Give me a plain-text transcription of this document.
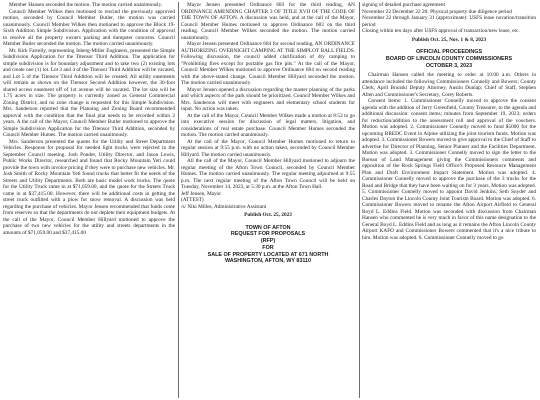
Member Hansen seconded the motion. The motion carried unanimously.

Council Member Wilkes then motioned to rescind the previously approved motion, seconded by Council Member Butler, the motion was carried unanimously. Council Member Wilkes then motioned to approve the Block 19-Sixth Addition Simple Subdivision. Application with the condition of approval to resolve all the property owners parking and dumpster concerns. Council Member Butler seconded the motion. The motion carried unanimously.

Mr. Kirk Farrelly, representing Inberg-Miller Engineers, presented the Simple Subdivision Application for the Titensor Third Addition. The application for simple subdivision is for boundary adjustment and to take two (2) existing lots and create one (1) lot. Lot 3 and 4 of the Titensor Third Addition will be vacated, and Lot 5 of the Titensor Third Addition will be created. All utility easements will remain as shown on the Titensor Second Addition however, the 30-foot shared access easement off of 1st avenue will be vacated. The lot size will be 1.75 acres in size. The property is currently zoned as General Commercial Zoning District, and no zone change is requested for this Simple Subdivision. Mrs. Sanderson reported that the Planning and Zoning Board recommended approval with the condition that the final plat needs to be recorded within 2 years. A the call of the Mayor, Council Member Butler motioned to approve the Simple Subdivision Application for the Titensor Third Addition, seconded by Council Member Humes. The motion carried unanimously.

Mrs. Sanderson presented the quotes for the Utility and Street Department Vehicles. Response for proposal for needed light trucks were rejected in the September Council meeting. Josh Ponder, Utility Director, and Jason Lewis, Public Works Director, researched and found that Rocky Mountain Yeti could provide the town with invoice pricing if they were to purchase new vehicles. Mr. Josh Smith of Rocky Mountain Yeti found trucks that better fit the needs of the Streets and Utility Departments. Both are basic model work trucks. The quote for the Utility Truck came in at $71,059.00, and the quote for the Streets Truck came in at $37,415.00. However, there will be additional costs in getting the street truck outfitted with a plow for snow removal. A discussion was held regarding the purchase of vehicles. Mayor Jensen recommended that funds come from reserves so that the departments do not deplete their equipment budgets. At the call of the Mayor, Council Member Hillyard motioned to approve the purchase of two new vehicles for the utility and streets departments in the amounts of $71,059.00 and $37,415.00

Mayor Jensen presented Ordinance 683 for the third reading, AN ORDINANCE AMENDING CHAPTER 3 OF TITLE XVII OF THE CODE OF THE TOWN OF AFTON. A discussion was held, and at the call of the Mayor, Council Member Humes motioned to approve Ordinance 683 on the third reading. Council Member Wilkes seconded the motion. The motion carried unanimously.

Mayor Jensen presented Ordinance 684 for second reading, AN ORDINANCE AUTHORIZING OVERNIGHT CAMPING AT THE SIMPLOT BALL FIELDS. Following discussion, the council added clarification of dry camping to "Prohibiting fires except for portable gas fire pits." At the call of the Mayor, Council Member Wilkes motioned to approve Ordinance 684 on second reading with the above-stated change. Council Member Hillyard seconded the motion. The motion carried unanimously.

Mayor Jensen opened a discussion regarding the master planning of the parks and which aspects of the park should be prioritized. Council Member Wilkes and Mrs. Sanderson will meet with engineers and elementary school students for input. No action was taken.

At the call of the Mayor, Council Member Wilkes made a motion at 8:53 to go into executive session for discussion of legal matters, litigation, and considerations of real estate purchase. Council Member Humes seconded the motion. The motion carried unanimously.

At the call of the Mayor, Council Member Humes motioned to return to regular session at 9:55 p.m. with no action taken, seconded by Council Member Hillyard. The motion carried unanimously.

All the call of the Mayor, Council Member Hillyard motioned to adjourn the regular meeting of the Afton Town Council, seconded by Council Member Humes. The motion carried unanimously. The regular meeting adjourned at 9:55 p.m. The next regular meeting of the Afton Town Council will be held on Tuesday, November 14, 2023, at 5:30 p.m. at the Afton Town Hall.

Jeff Jensen, Mayor

(ATTEST)

/s/ Niki Milles, Administrative Assistant

Publish Oct. 25, 2023

TOWN OF AFTON

REQUEST FOR PROPOSALS

(RFP)

FOR

SALE OF PROPERTY LOCATED AT 671 NORTH

WASHINGTON, AFTON, WY 83110

signing of detailed purchase agreement

November 22 December 22 20: Physical property due diligence period

November 22 through January 31 (approximate): USFS lease novation/transition period

Closing within ten days after USFS approval of transaction/new lease, etc.

Publish Oct. 25, Nov. 1 & 8, 2023

OFFICIAL PROCEEDINGS

BOARD OF LINCOLN COUNTY COMMISSIONERS

OCTOBER 3, 2023

Chairman Hansen called the meeting to order at 10:00 a.m. Others in attendance included the following Commissioners Connelly and Bowers; County Clerk, April Brunski Deputy Attorney, Austin Dunlap; Chief of Staff, Stephen Allen and Commissioner's Secretary, Corey Roberts.

Consent Items: 1. Commissioner Connelly moved to approve the consent agenda with the addition of Jerry Greenfield, County Treasurer, to the agenda and additional discussion: consent items; minutes from September 19, 2023; orders for reduction/addition to the assessment roll and approval of the vouchers. Motion was adopted. 2. Commissioner Connelly moved to fund $5000 for the upcoming BREDC Event in Alpine utilizing the joint tourism funds. Motion was adopted. 3. Commissioner Bowers moved to give approval to the Chief of Staff to advertise for Director of Planning, Senior Planner and the Facilities Department. Motion was adopted. 3. Commissioner Connelly moved to sign the letter to the Bureau of Land Management giving the Commissioners comments and opposition of the Rock Springs Field Office's Proposed Resource Management Plan and Draft Environment Impact Statement. Motion was adopted. 4. Commissioner Connelly moved to approve the purchase of the 3 trucks for the Road and Bridge that they have been waiting on for 3 years. Motion was adopted. 5. Commissioner Connelly moved to appoint David Jenkins, Seth Snyder and Charles Dayton the Lincoln County Joint Tourism Board. Motion was adopted. 6. Commissioner Bowers moved to rename the Afton Airport Airfield to General Boyd L. Eddins Field. Motion was seconded with discussion from Chairman Hansen who commented he is very much in favor of this name designation to the General Boyd L. Eddins Field and as long as it remains the Afton Lincoln County Airport KAFO and Commissioner Bowers commented that it's a nice tribute to him. Motion was adopted. 6. Commissioner Connelly moved to go
